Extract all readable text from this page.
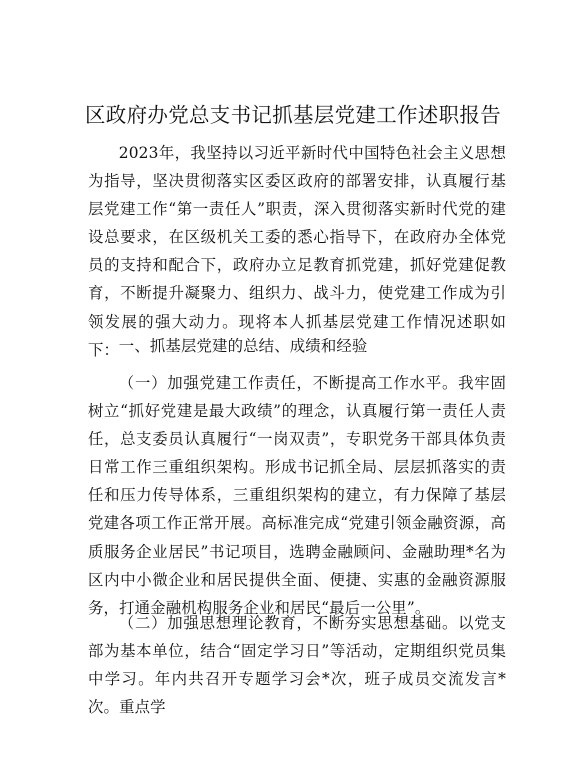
区政府办党总支书记抓基层党建工作述职报告

2023年，我坚持以习近平新时代中国特色社会主义思想为指导，坚决贯彻落实区委区政府的部署安排，认真履行基层党建工作“第一责任人”职责，深入贯彻落实新时代党的建设总要求，在区级机关工委的悉心指导下，在政府办全体党员的支持和配合下，政府办立足教育抓党建，抓好党建促教育，不断提升凝聚力、组织力、战斗力，使党建工作成为引领发展的强大动力。现将本人抓基层党建工作情况述职如下： 一、抓基层党建的总结、成绩和经验

（一）加强党建工作责任，不断提高工作水平。我牢固树立“抓好党建是最大政绩”的理念，认真履行第一责任人责任，总支委员认真履行“一岗双责”，专职党务干部具体负责日常工作三重组织架构。形成书记抓全局、层层抓落实的责任和压力传导体系，三重组织架构的建立，有力保障了基层党建各项工作正常开展。高标准完成“党建引领金融资源，高质服务企业居民”书记项目，选聘金融顾问、金融助理*名为区内中小微企业和居民提供全面、便捷、实惠的金融资源服务，打通金融机构服务企业和居民“最后一公里”。

（二）加强思想理论教育，不断夯实思想基础。以党支部为基本单位，结合“固定学习日”等活动，定期组织党员集中学习。年内共召开专题学习会*次，班子成员交流发言*次。重点学
